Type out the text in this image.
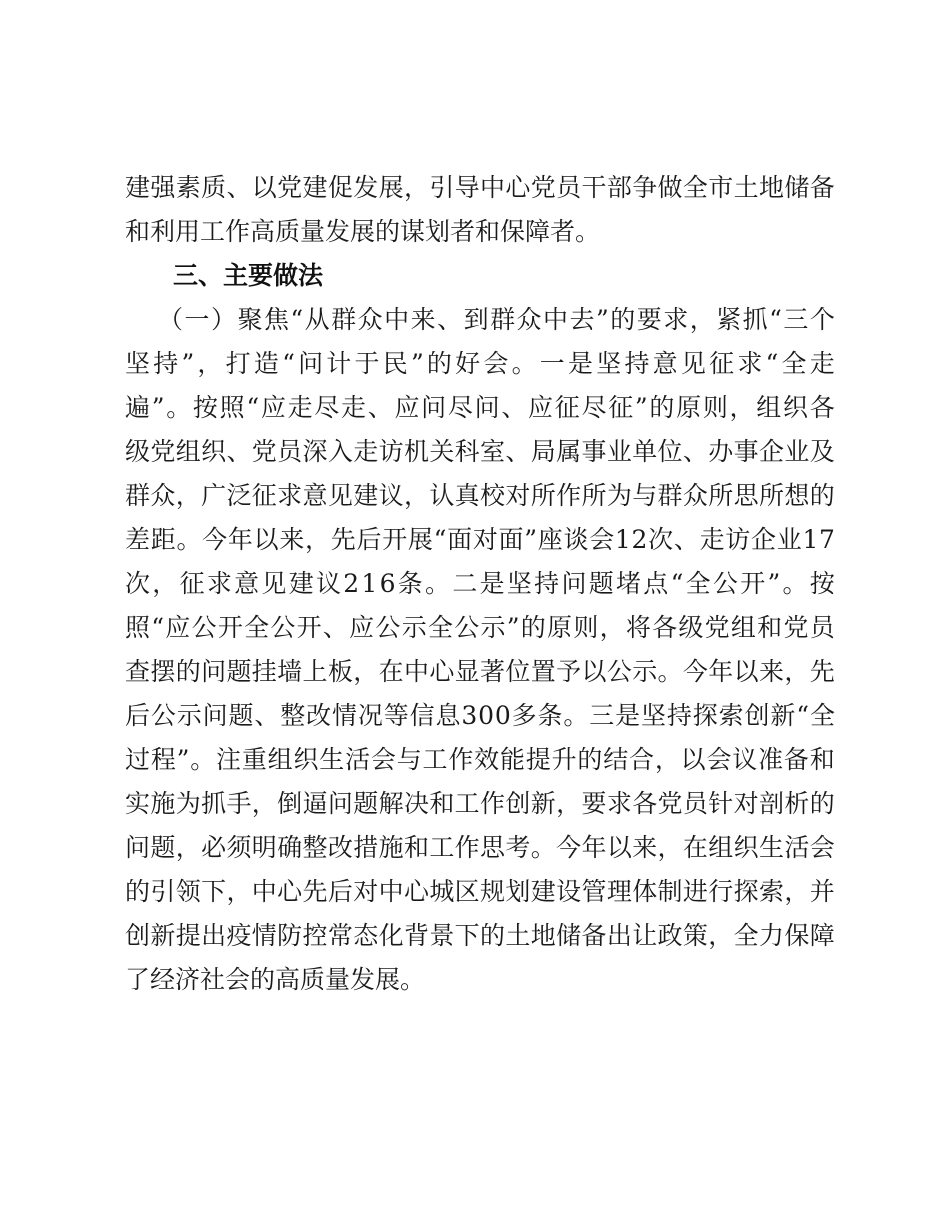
建 强 素 质 、 以 党 建 促 发 展 ， 引 导 中 心 党 员 干 部 争 做 全 市 土 地 储 备
和利用工作高质量发展的谋划者和保障者。
三、主要做法
（ 一 ） 聚 焦 “ 从 群 众 中 来 、 到 群 众 中 去 ” 的 要 求 ， 紧 抓 “ 三 个
坚 持 ” ， 打 造 “ 问 计 于 民 ” 的 好 会 。 一 是 坚 持 意 见 征 求 “ 全 走
遍 ” 。 按 照 “ 应 走 尽 走 、 应 问 尽 问 、 应 征 尽 征 ” 的 原 则 ， 组 织 各
级 党 组 织 、 党 员 深 入 走 访 机 关 科 室 、 局 属 事 业 单 位 、 办 事 企 业 及
群 众 ， 广 泛 征 求 意 见 建 议 ， 认 真 校 对 所 作 所 为 与 群 众 所 思 所 想 的
差 距 。 今 年 以 来 ， 先 后 开 展 “ 面 对 面 ” 座 谈 会 1 2 次 、 走 访 企 业 1 7
次 ， 征 求 意 见 建 议 2 1 6 条 。 二 是 坚 持 问 题 堵 点 “ 全 公 开 ” 。 按
照 “ 应 公 开 全 公 开 、 应 公 示 全 公 示 ” 的 原 则 ， 将 各 级 党 组 和 党 员
查 摆 的 问 题 挂 墙 上 板 ， 在 中 心 显 著 位 置 予 以 公 示 。 今 年 以 来 ， 先
后 公 示 问 题 、 整 改 情 况 等 信 息 3 0 0 多 条 。 三 是 坚 持 探 索 创 新 “ 全
过 程 ” 。 注 重 组 织 生 活 会 与 工 作 效 能 提 升 的 结 合 ， 以 会 议 准 备 和
实 施 为 抓 手 ， 倒 逼 问 题 解 决 和 工 作 创 新 ， 要 求 各 党 员 针 对 剖 析 的
问 题 ， 必 须 明 确 整 改 措 施 和 工 作 思 考 。 今 年 以 来 ， 在 组 织 生 活 会
的 引 领 下 ， 中 心 先 后 对 中 心 城 区 规 划 建 设 管 理 体 制 进 行 探 索 ， 并
创 新 提 出 疫 情 防 控 常 态 化 背 景 下 的 土 地 储 备 出 让 政 策 ， 全 力 保 障
了经济社会的高质量发展。
